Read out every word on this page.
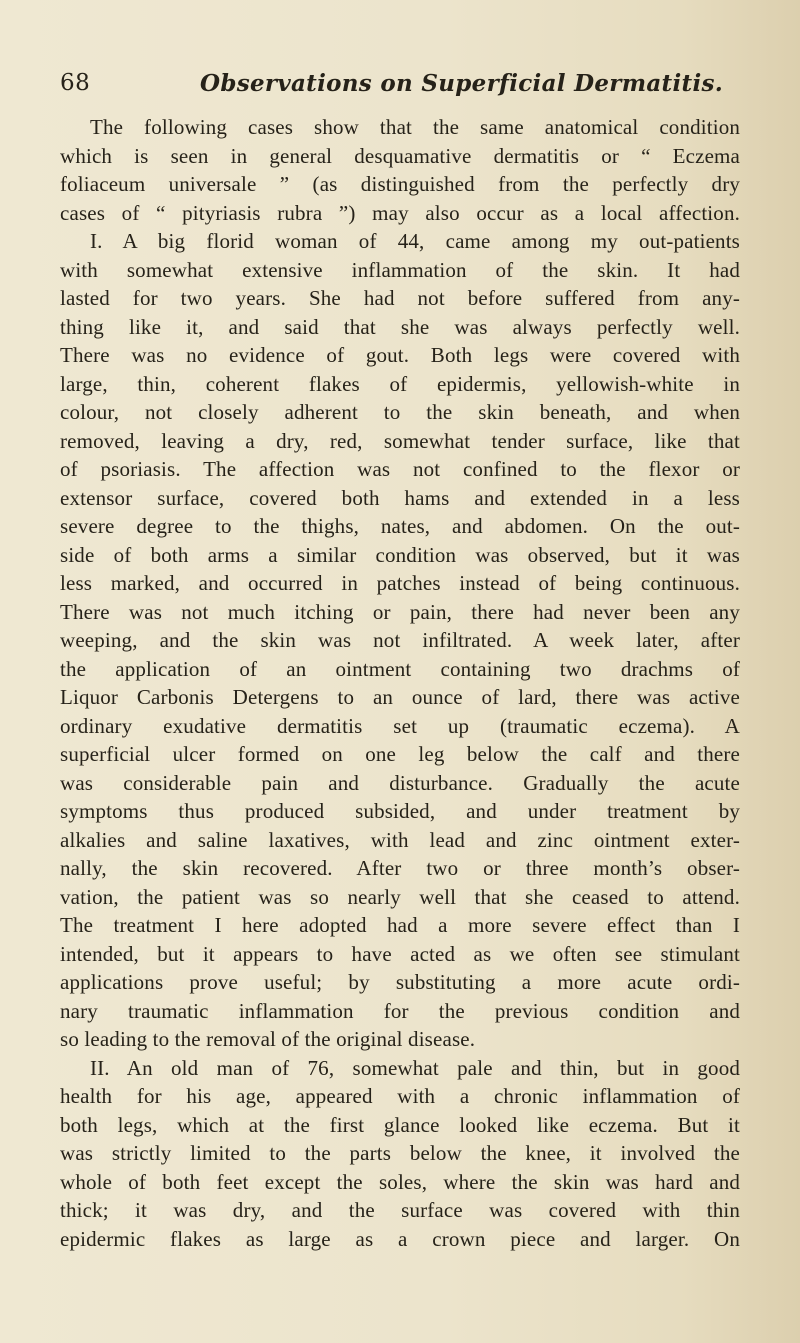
68	Observations on Superficial Dermatitis.
The following cases show that the same anatomical condition
which is seen in general desquamative dermatitis or “ Eczema
foliaceum universale ” (as distinguished from the perfectly dry
cases of “ pityriasis rubra ”) may also occur as a local affection.
I. A big florid woman of 44, came among my out-patients
with somewhat extensive inflammation of the skin. It had
lasted for two years. She had not before suffered from any-
thing like it, and said that she was always perfectly well.
There was no evidence of gout. Both legs were covered with
large, thin, coherent flakes of epidermis, yellowish-white in
colour, not closely adherent to the skin beneath, and when
removed, leaving a dry, red, somewhat tender surface, like that
of psoriasis. The affection was not confined to the flexor or
extensor surface, covered both hams and extended in a less
severe degree to the thighs, nates, and abdomen. On the out-
side of both arms a similar condition was observed, but it was
less marked, and occurred in patches instead of being continuous.
There was not much itching or pain, there had never been any
weeping, and the skin was not infiltrated. A week later, after
the application of an ointment containing two drachms of
Liquor Carbonis Detergens to an ounce of lard, there was active
ordinary exudative dermatitis set up (traumatic eczema). A
superficial ulcer formed on one leg below the calf and there
was considerable pain and disturbance. Gradually the acute
symptoms thus produced subsided, and under treatment by
alkalies and saline laxatives, with lead and zinc ointment exter-
nally, the skin recovered. After two or three month’s obser-
vation, the patient was so nearly well that she ceased to attend.
The treatment I here adopted had a more severe effect than I
intended, but it appears to have acted as we often see stimulant
applications prove useful; by substituting a more acute ordi-
nary traumatic inflammation for the previous condition and
so leading to the removal of the original disease.
II. An old man of 76, somewhat pale and thin, but in good
health for his age, appeared with a chronic inflammation of
both legs, which at the first glance looked like eczema. But it
was strictly limited to the parts below the knee, it involved the
whole of both feet except the soles, where the skin was hard and
thick; it was dry, and the surface was covered with thin
epidermic flakes as large as a crown piece and larger. On
